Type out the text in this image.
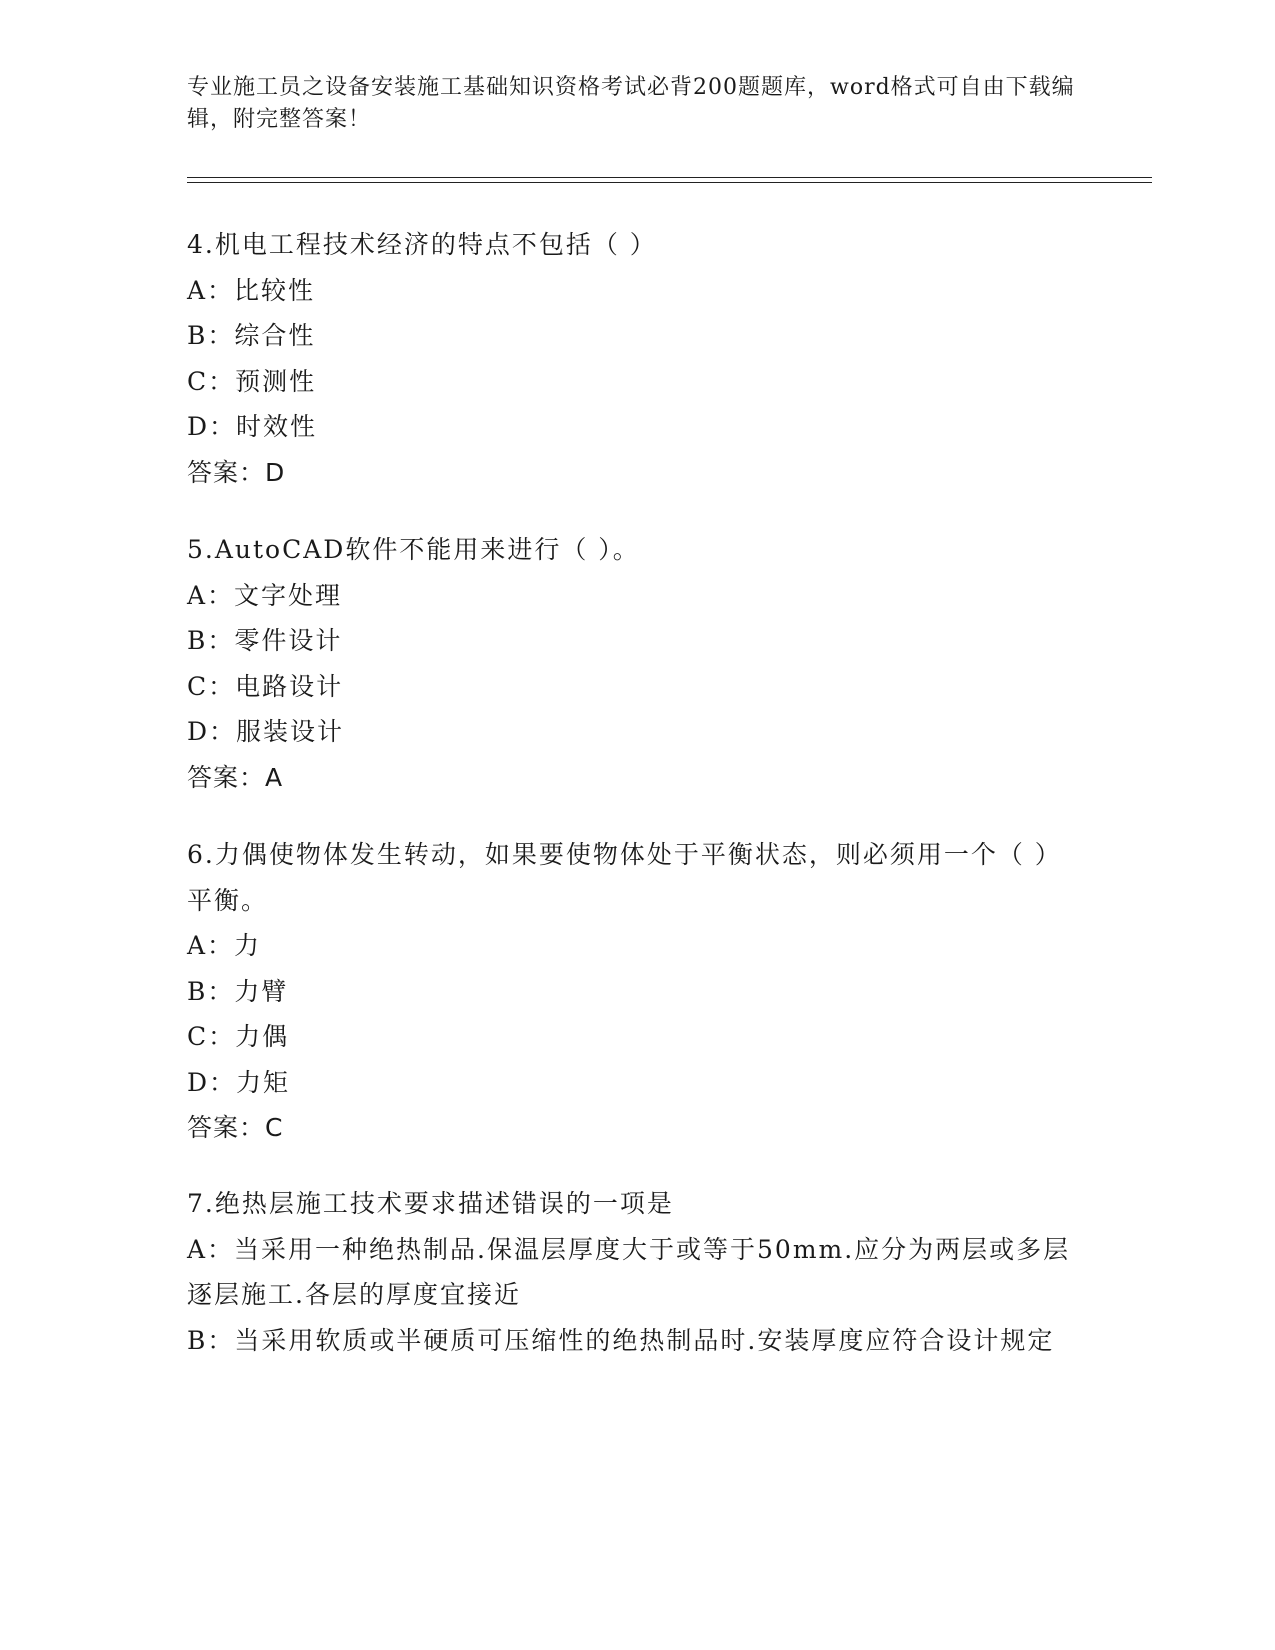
专业施工员之设备安装施工基础知识资格考试必背200题题库，word格式可自由下载编辑，附完整答案！
4.机电工程技术经济的特点不包括（ ）
A：比较性
B：综合性
C：预测性
D：时效性
答案：D
5.AutoCAD软件不能用来进行（ ）。
A：文字处理
B：零件设计
C：电路设计
D：服装设计
答案：A
6.力偶使物体发生转动，如果要使物体处于平衡状态，则必须用一个（ ）平衡。
A：力
B：力臂
C：力偶
D：力矩
答案：C
7.绝热层施工技术要求描述错误的一项是
A：当采用一种绝热制品.保温层厚度大于或等于50mm.应分为两层或多层逐层施工.各层的厚度宜接近
B：当采用软质或半硬质可压缩性的绝热制品时.安装厚度应符合设计规定
